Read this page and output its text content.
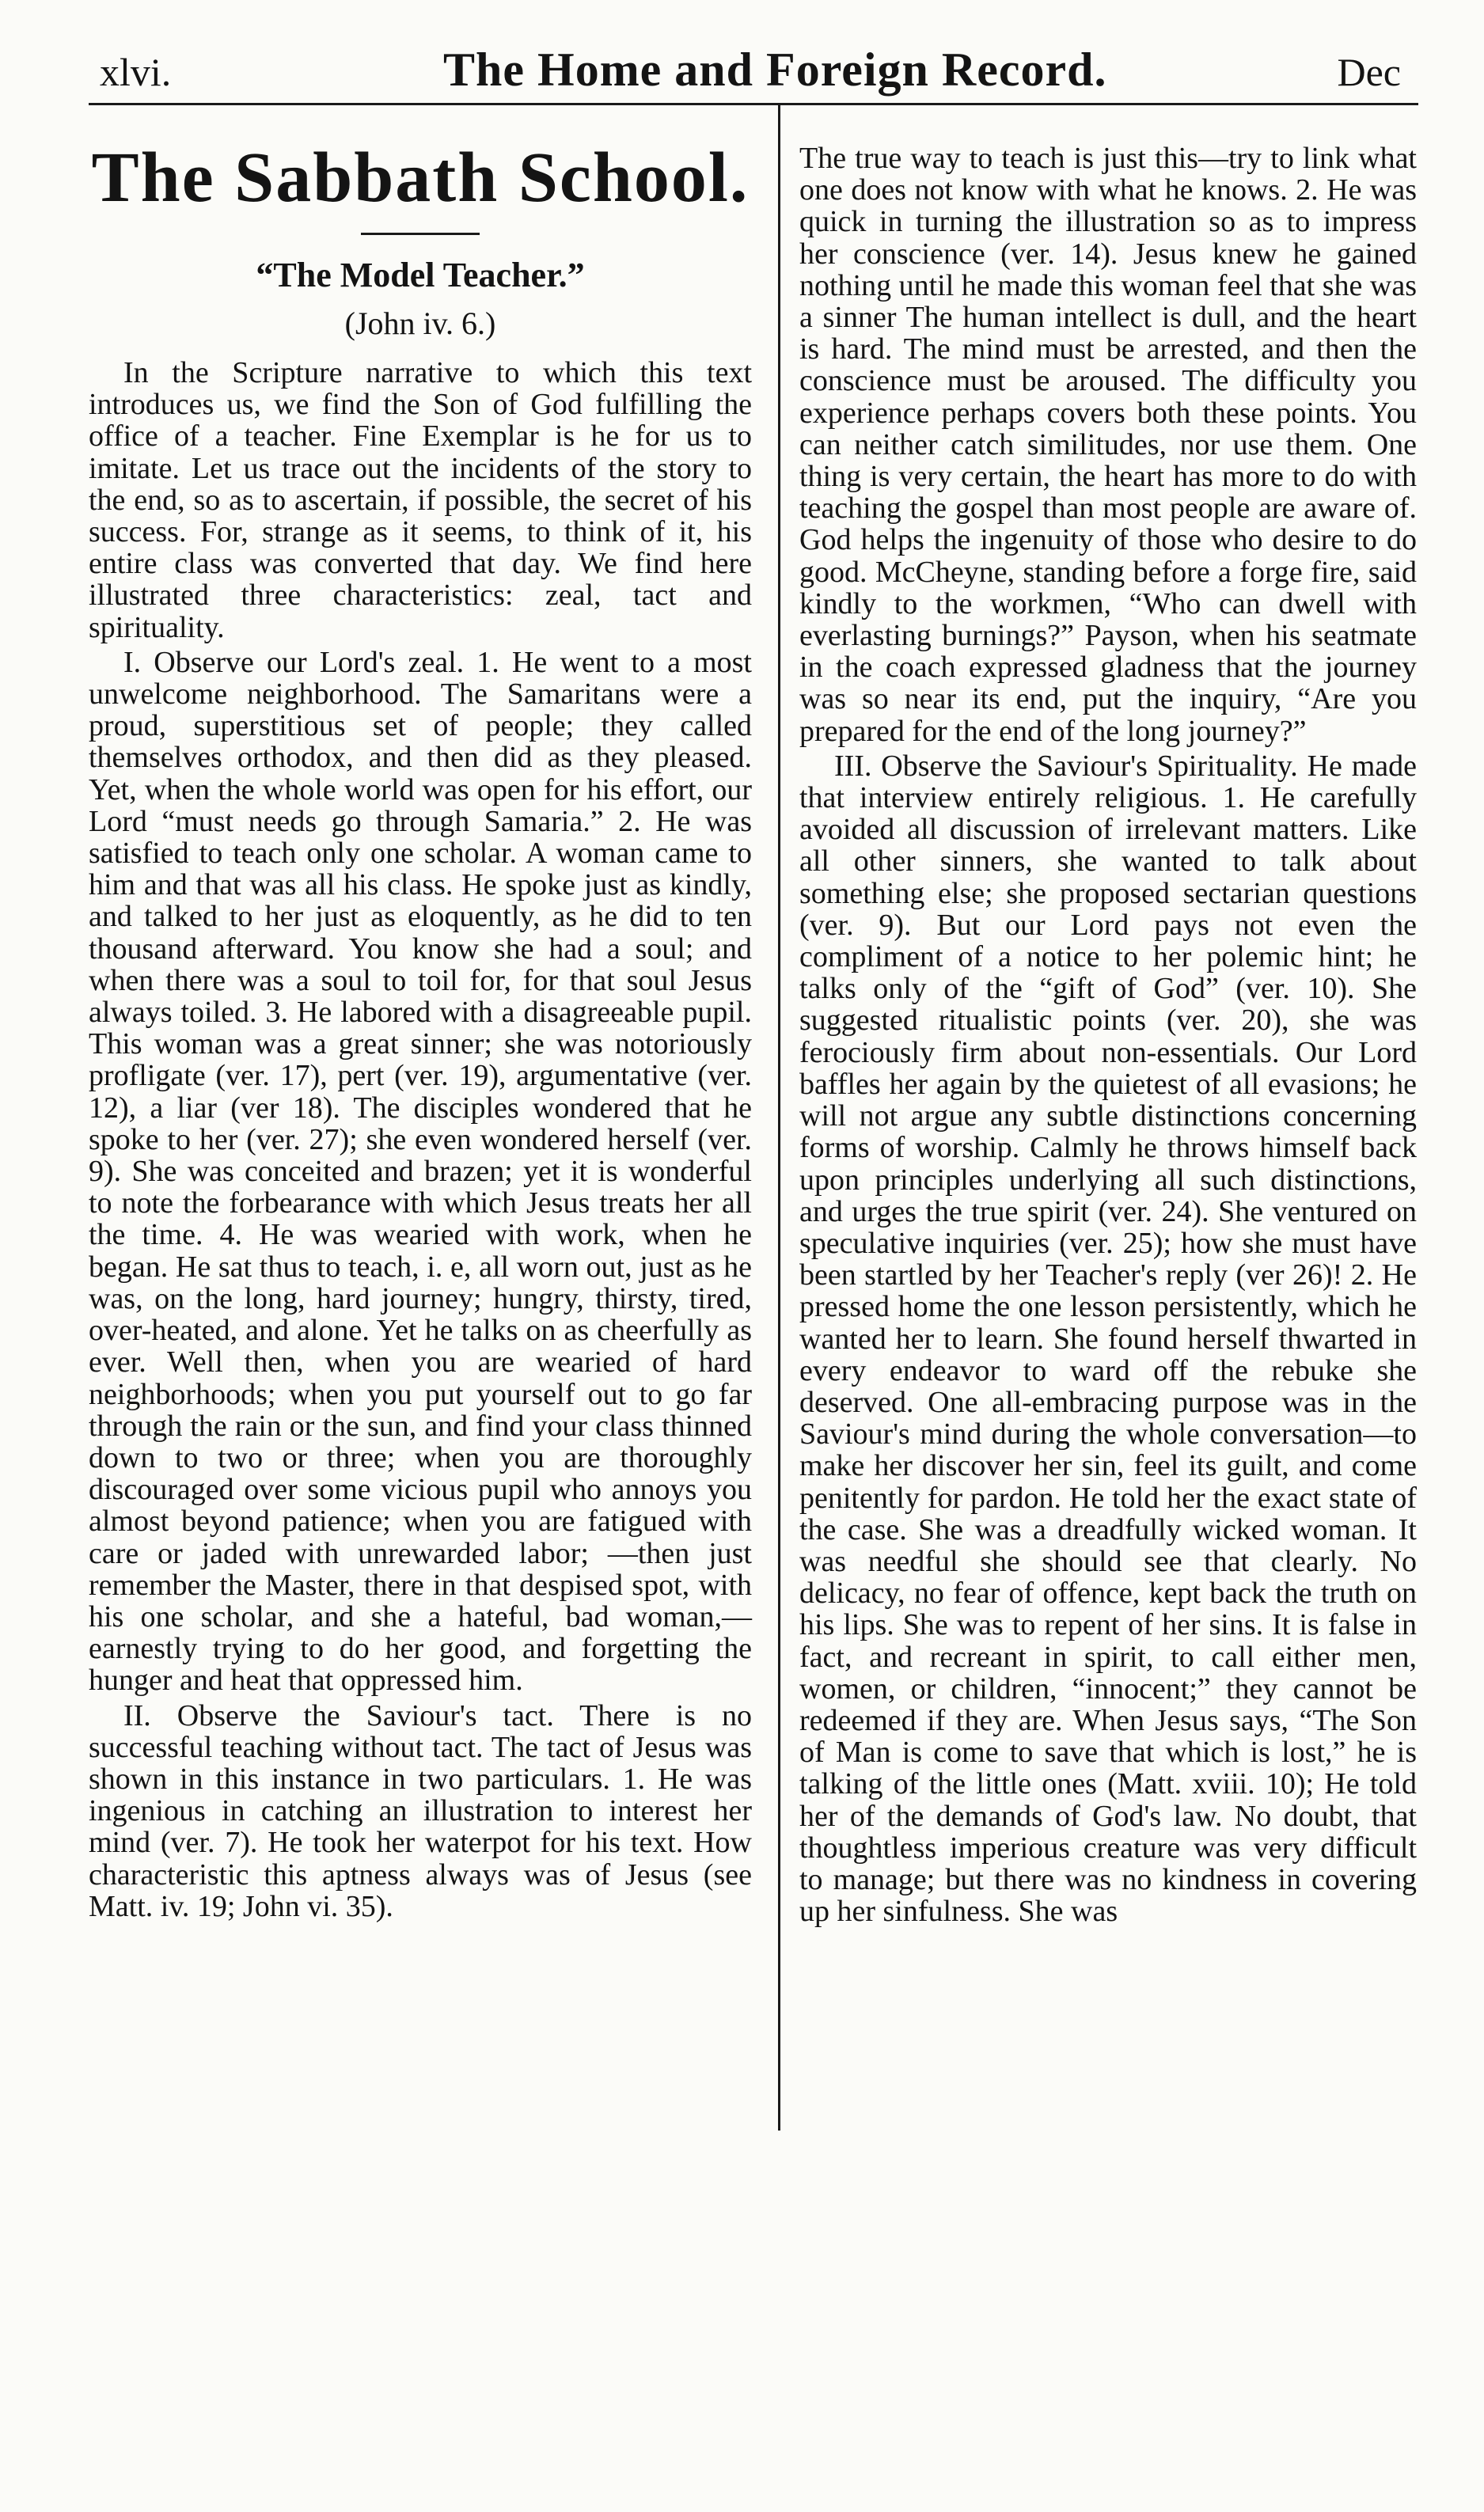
xlvi.	The Home and Foreign Record.	Dec
The Sabbath School.
“The Model Teacher.”
(John iv. 6.)

In the Scripture narrative to which this text introduces us, we find the Son of God fulfilling the office of a teacher. Fine Exemplar is he for us to imitate. Let us trace out the incidents of the story to the end, so as to ascertain, if possible, the secret of his success. For, strange as it seems, to think of it, his entire class was converted that day. We find here illustrated three characteristics: zeal, tact and spirituality.

I. Observe our Lord's zeal. 1. He went to a most unwelcome neighborhood. The Samaritans were a proud, superstitious set of people; they called themselves orthodox, and then did as they pleased. Yet, when the whole world was open for his effort, our Lord “must needs go through Samaria.” 2. He was satisfied to teach only one scholar. A woman came to him and that was all his class. He spoke just as kindly, and talked to her just as eloquently, as he did to ten thousand afterward. You know she had a soul; and when there was a soul to toil for, for that soul Jesus always toiled. 3. He labored with a disagreeable pupil. This woman was a great sinner; she was notoriously profligate (ver. 17), pert (ver. 19), argumentative (ver. 12), a liar (ver 18). The disciples wondered that he spoke to her (ver. 27); she even wondered herself (ver. 9). She was conceited and brazen; yet it is wonderful to note the forbearance with which Jesus treats her all the time. 4. He was wearied with work, when he began. He sat thus to teach, i. e, all worn out, just as he was, on the long, hard journey; hungry, thirsty, tired, over-heated, and alone. Yet he talks on as cheerfully as ever. Well then, when you are wearied of hard neighborhoods; when you put yourself out to go far through the rain or the sun, and find your class thinned down to two or three; when you are thoroughly discouraged over some vicious pupil who annoys you almost beyond patience; when you are fatigued with care or jaded with unrewarded labor; —then just remember the Master, there in that despised spot, with his one scholar, and she a hateful, bad woman,—earnestly trying to do her good, and forgetting the hunger and heat that oppressed him.

II. Observe the Saviour's tact. There is no successful teaching without tact. The tact of Jesus was shown in this instance in two particulars. 1. He was ingenious in catching an illustration to interest her mind (ver. 7). He took her waterpot for his text. How characteristic this aptness always was of Jesus (see Matt. iv. 19; John vi. 35).

The true way to teach is just this—try to link what one does not know with what he knows. 2. He was quick in turning the illustration so as to impress her conscience (ver. 14). Jesus knew he gained nothing until he made this woman feel that she was a sinner The human intellect is dull, and the heart is hard. The mind must be arrested, and then the conscience must be aroused. The difficulty you experience perhaps covers both these points. You can neither catch similitudes, nor use them. One thing is very certain, the heart has more to do with teaching the gospel than most people are aware of. God helps the ingenuity of those who desire to do good. McCheyne, standing before a forge fire, said kindly to the workmen, “Who can dwell with everlasting burnings?” Payson, when his seatmate in the coach expressed gladness that the journey was so near its end, put the inquiry, “Are you prepared for the end of the long journey?”

III. Observe the Saviour's Spirituality. He made that interview entirely religious. 1. He carefully avoided all discussion of irrelevant matters. Like all other sinners, she wanted to talk about something else; she proposed sectarian questions (ver. 9). But our Lord pays not even the compliment of a notice to her polemic hint; he talks only of the “gift of God” (ver. 10). She suggested ritualistic points (ver. 20), she was ferociously firm about non-essentials. Our Lord baffles her again by the quietest of all evasions; he will not argue any subtle distinctions concerning forms of worship. Calmly he throws himself back upon principles underlying all such distinctions, and urges the true spirit (ver. 24). She ventured on speculative inquiries (ver. 25); how she must have been startled by her Teacher's reply (ver 26)! 2. He pressed home the one lesson persistently, which he wanted her to learn. She found herself thwarted in every endeavor to ward off the rebuke she deserved. One all-embracing purpose was in the Saviour's mind during the whole conversation—to make her discover her sin, feel its guilt, and come penitently for pardon. He told her the exact state of the case. She was a dreadfully wicked woman. It was needful she should see that clearly. No delicacy, no fear of offence, kept back the truth on his lips. She was to repent of her sins. It is false in fact, and recreant in spirit, to call either men, women, or children, “innocent;” they cannot be redeemed if they are. When Jesus says, “The Son of Man is come to save that which is lost,” he is talking of the little ones (Matt. xviii. 10); He told her of the demands of God's law. No doubt, that thoughtless imperious creature was very difficult to manage; but there was no kindness in covering up her sinfulness. She was
